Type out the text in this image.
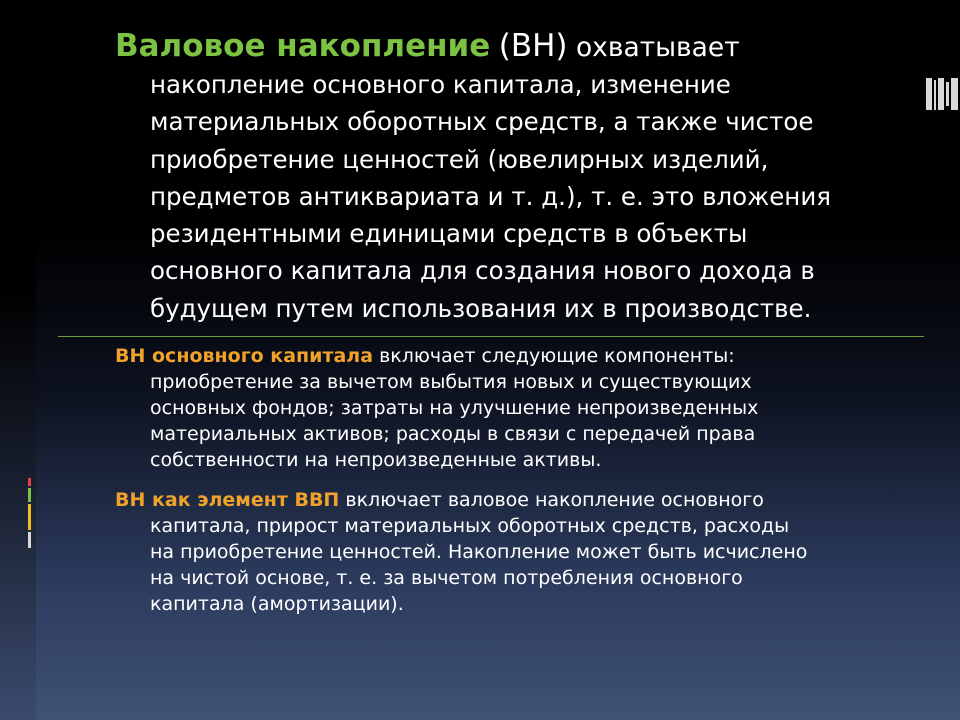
Валовое накопление (ВН) охватывает
накопление основного капитала, изменение
материальных оборотных средств, а также чистое
приобретение ценностей (ювелирных изделий,
предметов антиквариата и т. д.), т. е. это вложения
резидентными единицами средств в объекты
основного капитала для создания нового дохода в
будущем путем использования их в производстве.
ВН основного капитала включает следующие компоненты:
приобретение за вычетом выбытия новых и существующих
основных фондов; затраты на улучшение непроизведенных
материальных активов; расходы в связи с передачей права
собственности на непроизведенные активы.
ВН как элемент ВВП включает валовое накопление основного
капитала, прирост материальных оборотных средств, расходы
на приобретение ценностей. Накопление может быть исчислено
на чистой основе, т. е. за вычетом потребления основного
капитала (амортизации).
